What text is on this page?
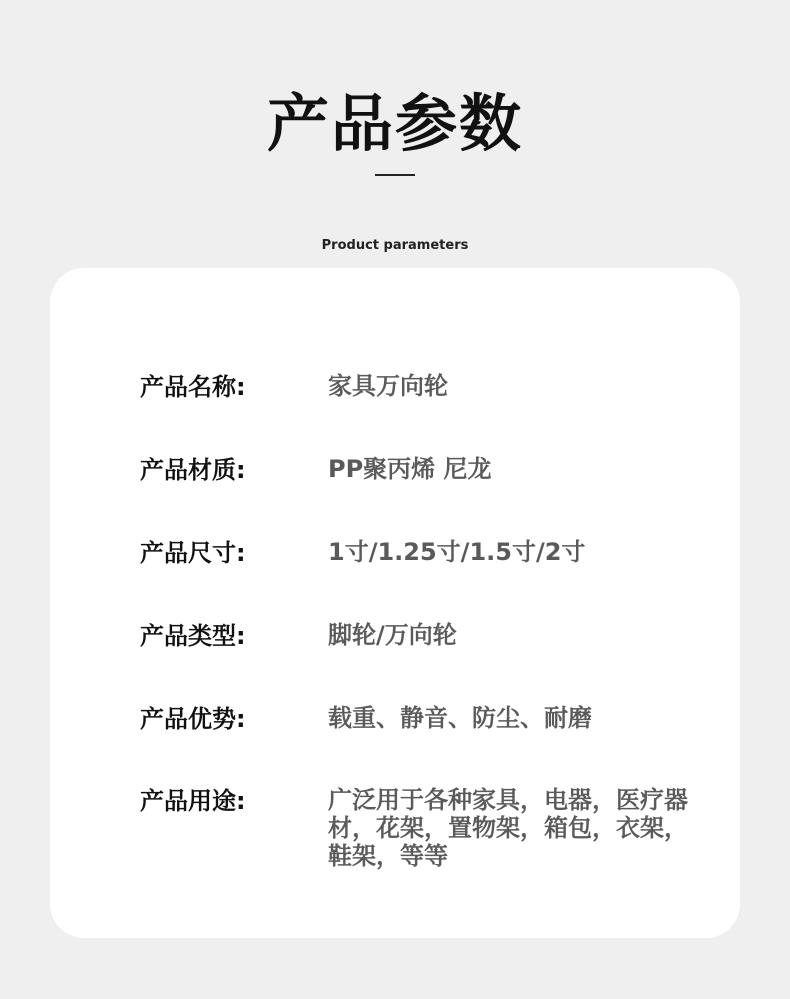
产品参数
Product parameters
产品名称:	家具万向轮
产品材质:	PP聚丙烯 尼龙
产品尺寸:	1寸/1.25寸/1.5寸/2寸
产品类型:	脚轮/万向轮
产品优势:	载重、静音、防尘、耐磨
产品用途:	广泛用于各种家具，电器，医疗器材，花架，置物架，箱包，衣架，鞋架，等等
